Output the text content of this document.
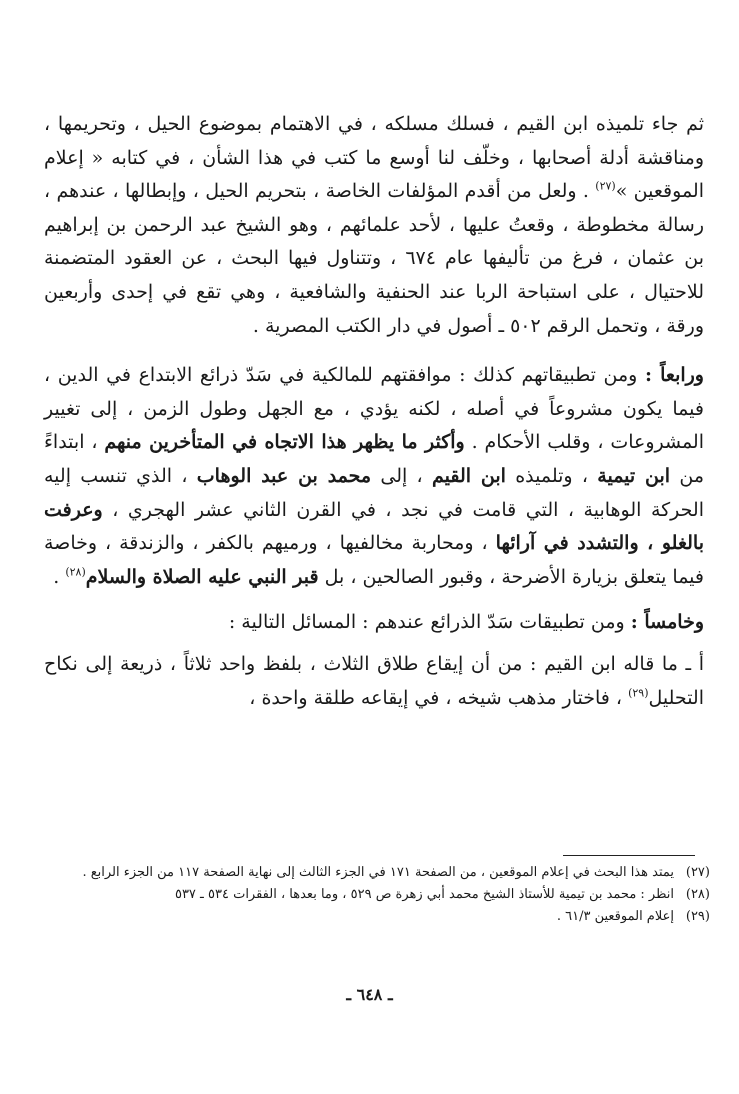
ثم جاء تلميذه ابن القيم ، فسلك مسلكه ، في الاهتمام بموضوع الحيل ، وتحريمها ، ومناقشة أدلة أصحابها ، وخلّف لنا أوسع ما كتب في هذا الشأن ، في كتابه « إعلام الموقعين »$^{(٢٧)}$ . ولعل من أقدم المؤلفات الخاصة ، بتحريم الحيل ، وإبطالها ، عندهم ، رسالة مخطوطة ، وقعتُ عليها ، لأحد علمائهم ، وهو الشيخ عبد الرحمن بن إبراهيم بن عثمان ، فرغ من تأليفها عام ٦٧٤ ، وتتناول فيها البحث ، عن العقود المتضمنة للاحتيال ، على استباحة الربا عند الحنفية والشافعية ، وهي تقع في إحدى وأربعين ورقة ، وتحمل الرقم ٥٠٢ ـ أصول في دار الكتب المصرية .

ورابعاً : ومن تطبيقاتهم كذلك : موافقتهم للمالكية في سَدّ ذرائع الابتداع في الدين ، فيما يكون مشروعاً في أصله ، لكنه يؤدي ، مع الجهل وطول الزمن ، إلى تغيير المشروعات ، وقلب الأحكام . وأكثر ما يظهر هذا الاتجاه في المتأخرين منهم ، ابتداءً من ابن تيمية ، وتلميذه ابن القيم ، إلى محمد بن عبد الوهاب ، الذي تنسب إليه الحركة الوهابية ، التي قامت في نجد ، في القرن الثاني عشر الهجري ، وعرفت بالغلو ، والتشدد في آرائها ، ومحاربة مخالفيها ، ورميهم بالكفر ، والزندقة ، وخاصة فيما يتعلق بزيارة الأضرحة ، وقبور الصالحين ، بل قبر النبي عليه الصلاة والسلام$^{(٢٨)}$ .

وخامساً : ومن تطبيقات سَدّ الذرائع عندهم : المسائل التالية :

أ ـ ما قاله ابن القيم : من أن إيقاع طلاق الثلاث ، بلفظ واحد ثلاثاً ، ذريعة إلى نكاح التحليل$^{(٢٩)}$ ، فاختار مذهب شيخه ، في إيقاعه طلقة واحدة ،

(٢٧)
يمتد هذا البحث في إعلام الموقعين ، من الصفحة ١٧١ في الجزء الثالث إلى نهاية الصفحة ١١٧ من الجزء الرابع .
(٢٨)
انظر : محمد بن تيمية للأستاذ الشيخ محمد أبي زهرة ص ٥٢٩ ، وما بعدها ، الفقرات ٥٣٤ ـ ٥٣٧
(٢٩)
إعلام الموقعين ٦١/٣ .
ـ ٦٤٨ ـ
